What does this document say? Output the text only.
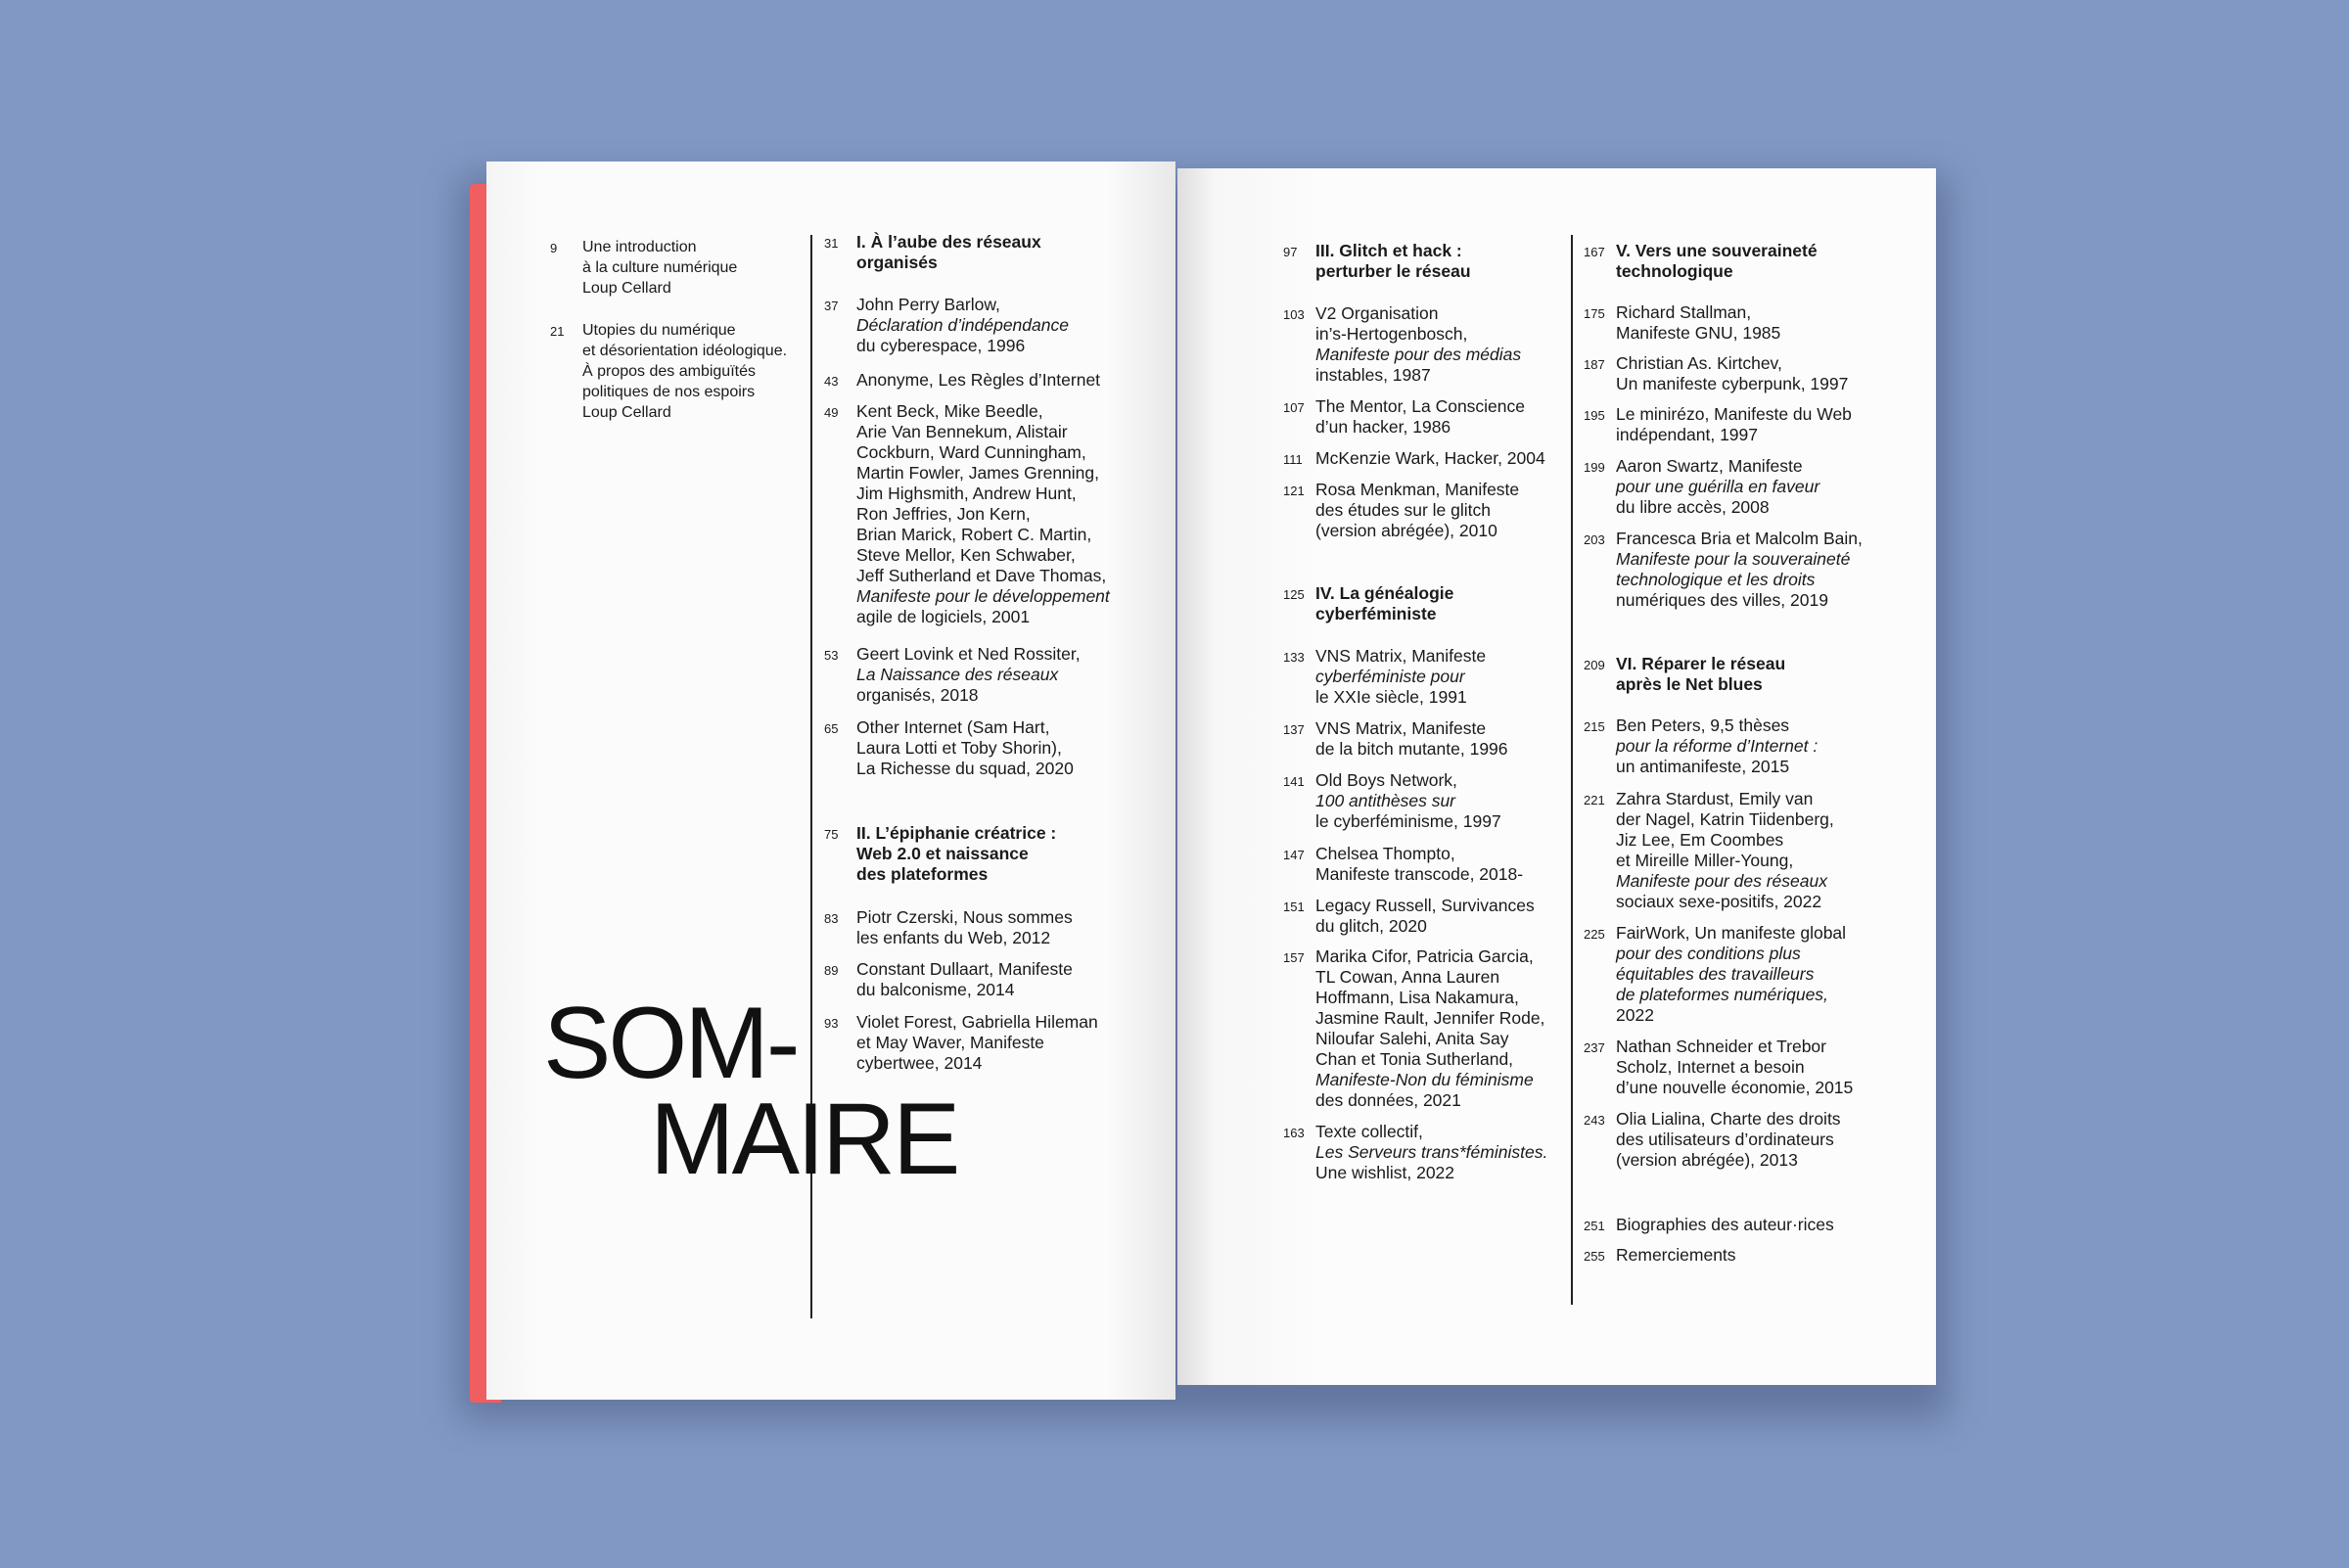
9	Une introduction
à la culture numérique
Loup Cellard
21	Utopies du numérique
et désorientation idéologique.
À propos des ambiguïtés
politiques de nos espoirs
Loup Cellard
SOM-
MAIRE
31	I. À l’aube des réseaux
organisés
37	John Perry Barlow,
Déclaration d’indépendance
du cyberespace, 1996
43	Anonyme, Les Règles d’Internet
49	Kent Beck, Mike Beedle,
Arie Van Bennekum, Alistair
Cockburn, Ward Cunningham,
Martin Fowler, James Grenning,
Jim Highsmith, Andrew Hunt,
Ron Jeffries, Jon Kern,
Brian Marick, Robert C. Martin,
Steve Mellor, Ken Schwaber,
Jeff Sutherland et Dave Thomas,
Manifeste pour le développement
agile de logiciels, 2001
53	Geert Lovink et Ned Rossiter,
La Naissance des réseaux
organisés, 2018
65	Other Internet (Sam Hart,
Laura Lotti et Toby Shorin),
La Richesse du squad, 2020
75	II. L’épiphanie créatrice :
Web 2.0 et naissance
des plateformes
83	Piotr Czerski, Nous sommes
les enfants du Web, 2012
89	Constant Dullaart, Manifeste
du balconisme, 2014
93	Violet Forest, Gabriella Hileman
et May Waver, Manifeste
cybertwee, 2014
97	III. Glitch et hack :
perturber le réseau
103 V2 Organisation
in’s-Hertogenbosch,
Manifeste pour des médias
instables, 1987
107 The Mentor, La Conscience
d’un hacker, 1986
111 McKenzie Wark, Hacker, 2004
121 Rosa Menkman, Manifeste
des études sur le glitch
(version abrégée), 2010
125 IV. La généalogie
cyberféministe
133 VNS Matrix, Manifeste
cyberféministe pour
le XXIe siècle, 1991
137 VNS Matrix, Manifeste
de la bitch mutante, 1996
141 Old Boys Network,
100 antithèses sur
le cyberféminisme, 1997
147 Chelsea Thompto,
Manifeste transcode, 2018-
151 Legacy Russell, Survivances
du glitch, 2020
157 Marika Cifor, Patricia Garcia,
TL Cowan, Anna Lauren
Hoffmann, Lisa Nakamura,
Jasmine Rault, Jennifer Rode,
Niloufar Salehi, Anita Say
Chan et Tonia Sutherland,
Manifeste-Non du féminisme
des données, 2021
163 Texte collectif,
Les Serveurs trans*féministes.
Une wishlist, 2022
167 V. Vers une souveraineté
technologique
175 Richard Stallman,
Manifeste GNU, 1985
187 Christian As. Kirtchev,
Un manifeste cyberpunk, 1997
195 Le minirézo, Manifeste du Web
indépendant, 1997
199 Aaron Swartz, Manifeste
pour une guérilla en faveur
du libre accès, 2008
203 Francesca Bria et Malcolm Bain,
Manifeste pour la souveraineté
technologique et les droits
numériques des villes, 2019
209 VI. Réparer le réseau
après le Net blues
215 Ben Peters, 9,5 thèses
pour la réforme d’Internet :
un antimanifeste, 2015
221 Zahra Stardust, Emily van
der Nagel, Katrin Tiidenberg,
Jiz Lee, Em Coombes
et Mireille Miller-Young,
Manifeste pour des réseaux
sociaux sexe-positifs, 2022
225 FairWork, Un manifeste global
pour des conditions plus
équitables des travailleurs
de plateformes numériques,
2022
237 Nathan Schneider et Trebor
Scholz, Internet a besoin
d’une nouvelle économie, 2015
243 Olia Lialina, Charte des droits
des utilisateurs d’ordinateurs
(version abrégée), 2013
251 Biographies des auteur·rices
255 Remerciements
